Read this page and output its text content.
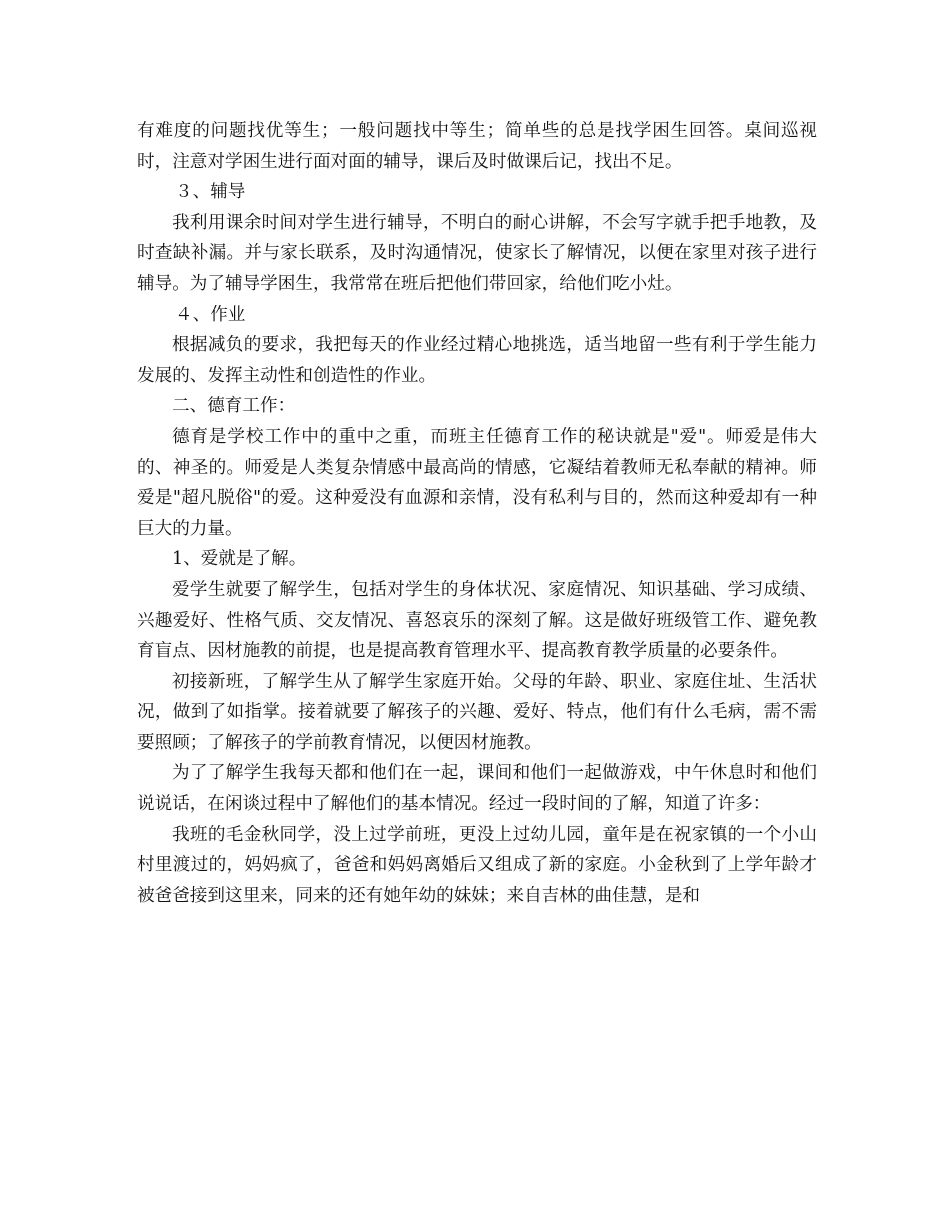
有难度的问题找优等生；一般问题找中等生；简单些的总是找学困生回答。桌间巡视时，注意对学困生进行面对面的辅导，课后及时做课后记，找出不足。

３、辅导

我利用课余时间对学生进行辅导，不明白的耐心讲解，不会写字就手把手地教，及时查缺补漏。并与家长联系，及时沟通情况，使家长了解情况，以便在家里对孩子进行辅导。为了辅导学困生，我常常在班后把他们带回家，给他们吃小灶。

４、作业

根据减负的要求，我把每天的作业经过精心地挑选，适当地留一些有利于学生能力发展的、发挥主动性和创造性的作业。

二、德育工作：

德育是学校工作中的重中之重，而班主任德育工作的秘诀就是"爱"。师爱是伟大的、神圣的。师爱是人类复杂情感中最高尚的情感，它凝结着教师无私奉献的精神。师爱是"超凡脱俗"的爱。这种爱没有血源和亲情，没有私利与目的，然而这种爱却有一种巨大的力量。

1、爱就是了解。

爱学生就要了解学生，包括对学生的身体状况、家庭情况、知识基础、学习成绩、兴趣爱好、性格气质、交友情况、喜怒哀乐的深刻了解。这是做好班级管工作、避免教育盲点、因材施教的前提，也是提高教育管理水平、提高教育教学质量的必要条件。

初接新班，了解学生从了解学生家庭开始。父母的年龄、职业、家庭住址、生活状况，做到了如指掌。接着就要了解孩子的兴趣、爱好、特点，他们有什么毛病，需不需要照顾；了解孩子的学前教育情况，以便因材施教。

为了了解学生我每天都和他们在一起，课间和他们一起做游戏，中午休息时和他们说说话，在闲谈过程中了解他们的基本情况。经过一段时间的了解，知道了许多：

我班的毛金秋同学，没上过学前班，更没上过幼儿园，童年是在祝家镇的一个小山村里渡过的，妈妈疯了，爸爸和妈妈离婚后又组成了新的家庭。小金秋到了上学年龄才被爸爸接到这里来，同来的还有她年幼的妹妹；来自吉林的曲佳慧，是和
